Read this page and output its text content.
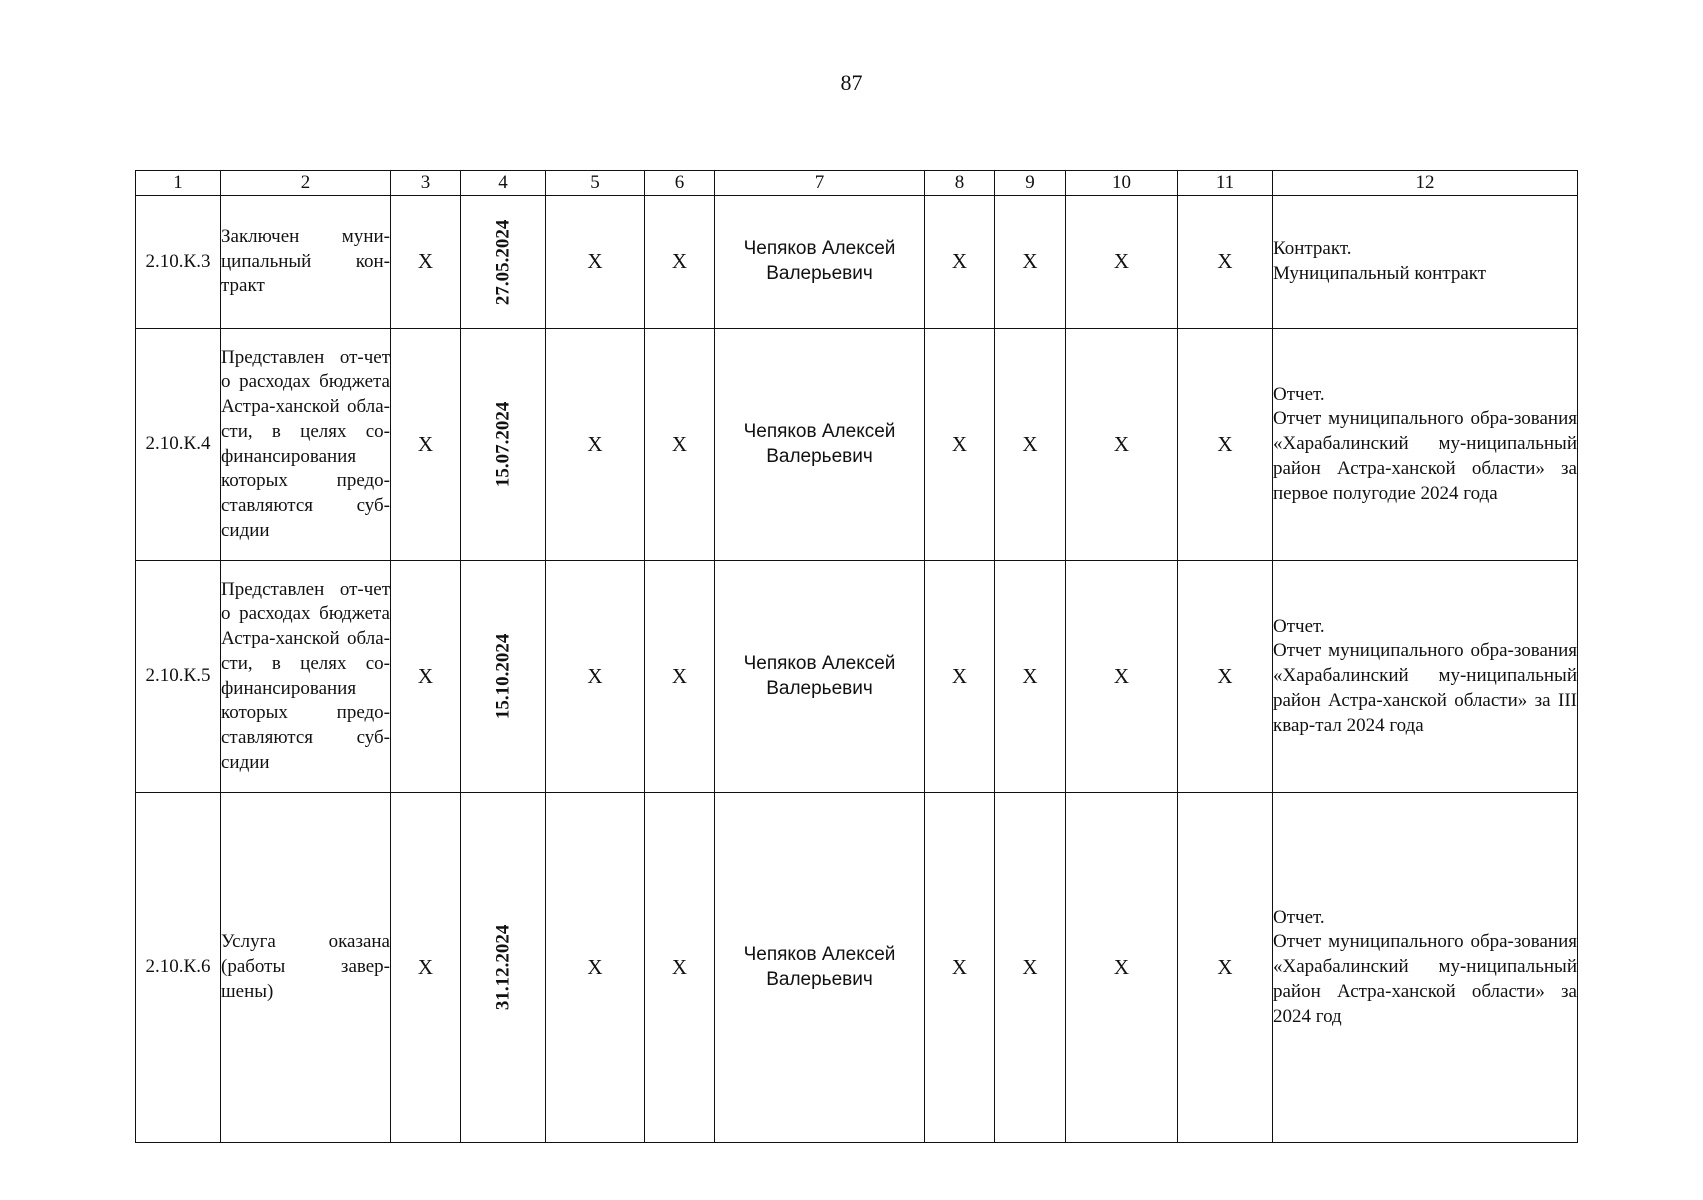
87
1	2	3	4	5	6	7	8	9	10	11	12
2.10.К.3	Заключен муни-ципальный кон-тракт	X	27.05.2024	X	X	Чепяков Алексей Валерьевич	X	X	X	X	Контракт.
Муниципальный контракт

2.10.К.4	Представлен от-чет о расходах бюджета Астра-ханской обла-сти, в целях со-финансирования которых предо-ставляются суб-сидии	X	15.07.2024	X	X	Чепяков Алексей Валерьевич	X	X	X	X	Отчет.
Отчет муниципального обра-зования «Харабалинский му-ниципальный район Астра-ханской области» за первое полугодие 2024 года

2.10.К.5	Представлен от-чет о расходах бюджета Астра-ханской обла-сти, в целях со-финансирования которых предо-ставляются суб-сидии	X	15.10.2024	X	X	Чепяков Алексей Валерьевич	X	X	X	X	Отчет.
Отчет муниципального обра-зования «Харабалинский му-ниципальный район Астра-ханской области» за III квар-тал 2024 года

2.10.К.6	Услуга оказана (работы завер-шены)	X	31.12.2024	X	X	Чепяков Алексей Валерьевич	X	X	X	X	Отчет.
Отчет муниципального обра-зования «Харабалинский му-ниципальный район Астра-ханской области» за 2024 год
